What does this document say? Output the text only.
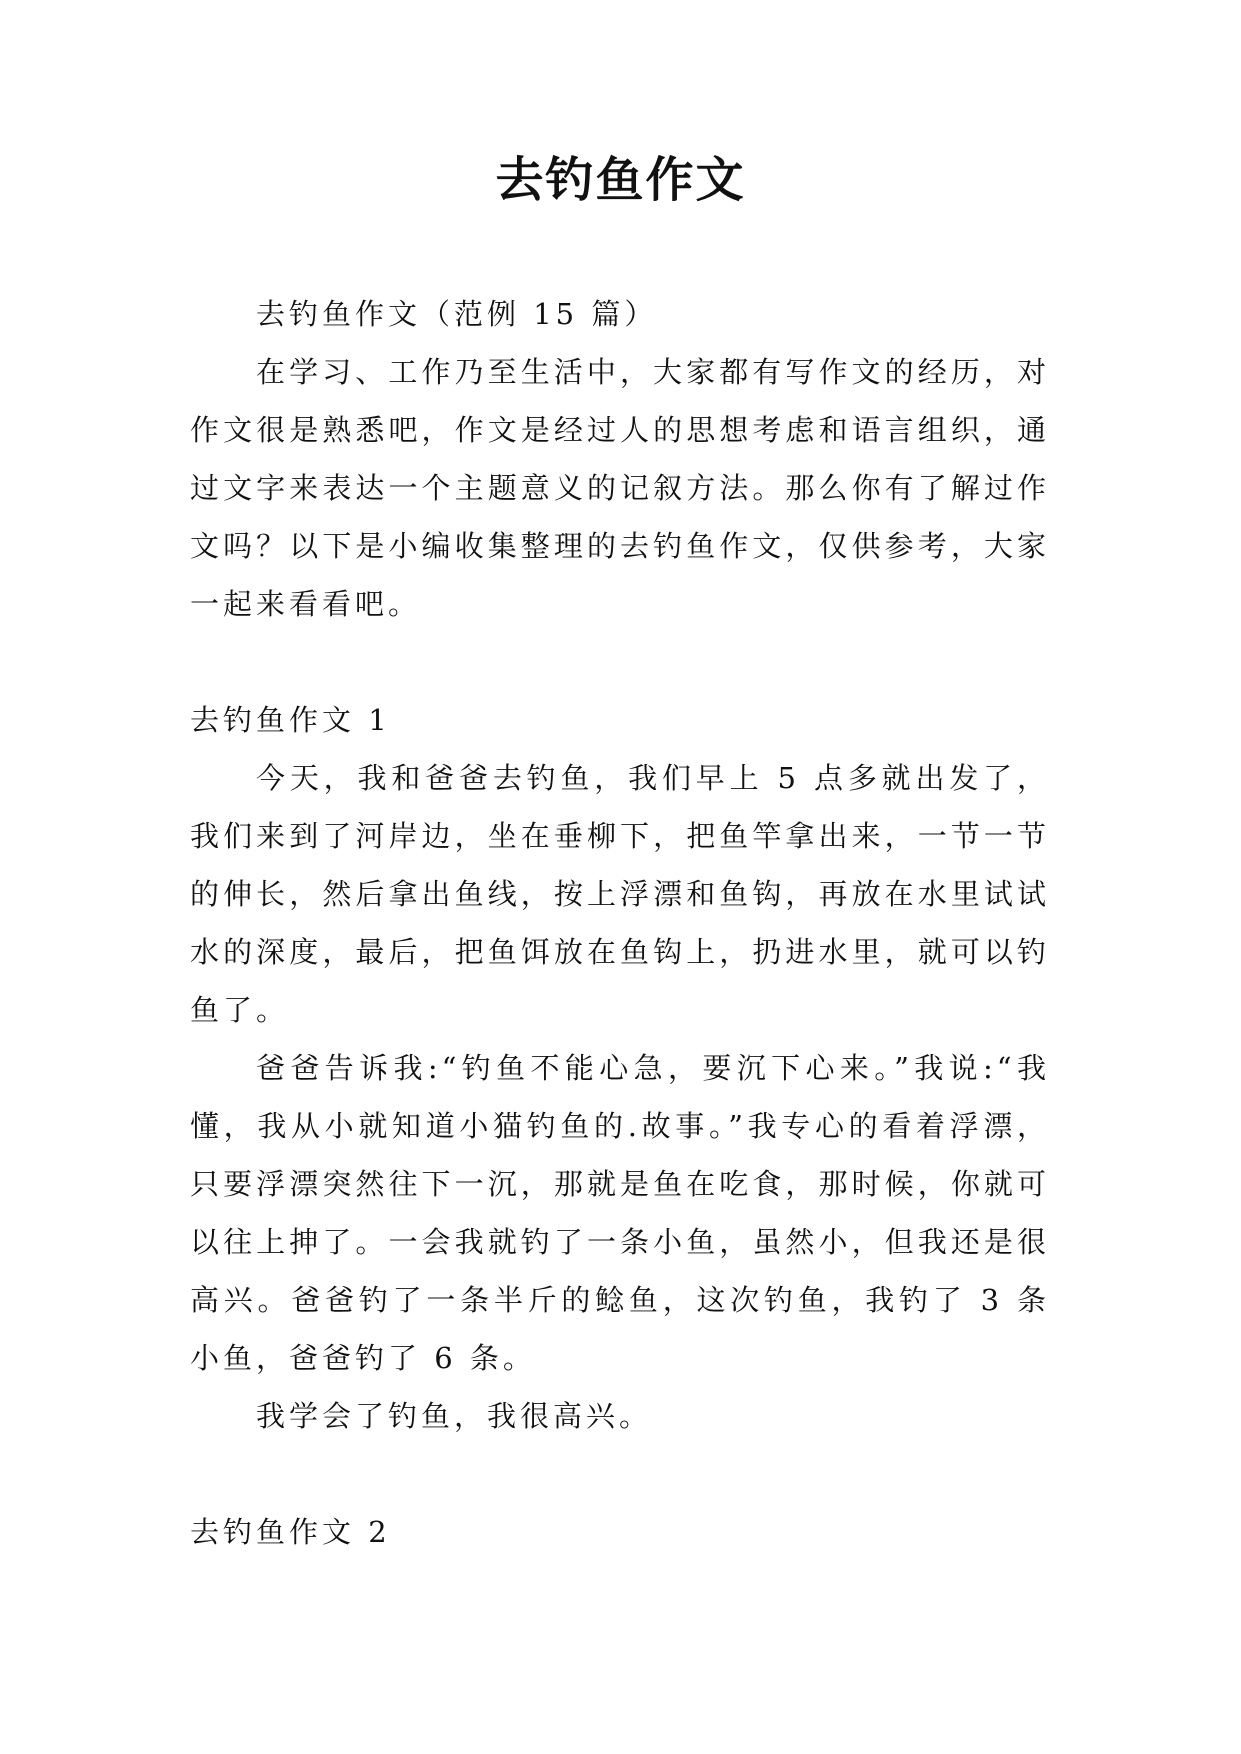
去钓鱼作文

去钓鱼作文（范例 15 篇）

在学习、工作乃至生活中，大家都有写作文的经历，对作文很是熟悉吧，作文是经过人的思想考虑和语言组织，通过文字来表达一个主题意义的记叙方法。那么你有了解过作文吗？以下是小编收集整理的去钓鱼作文，仅供参考，大家一起来看看吧。

去钓鱼作文 1

今天，我和爸爸去钓鱼，我们早上 5 点多就出发了，我们来到了河岸边，坐在垂柳下，把鱼竿拿出来，一节一节的伸长，然后拿出鱼线，按上浮漂和鱼钩，再放在水里试试水的深度，最后，把鱼饵放在鱼钩上，扔进水里，就可以钓鱼了。

爸爸告诉我:“钓鱼不能心急，要沉下心来。”我说:“我懂，我从小就知道小猫钓鱼的.故事。”我专心的看着浮漂，只要浮漂突然往下一沉，那就是鱼在吃食，那时候，你就可以往上抻了。一会我就钓了一条小鱼，虽然小，但我还是很高兴。爸爸钓了一条半斤的鲶鱼，这次钓鱼，我钓了 3 条小鱼，爸爸钓了 6 条。

我学会了钓鱼，我很高兴。

去钓鱼作文 2
